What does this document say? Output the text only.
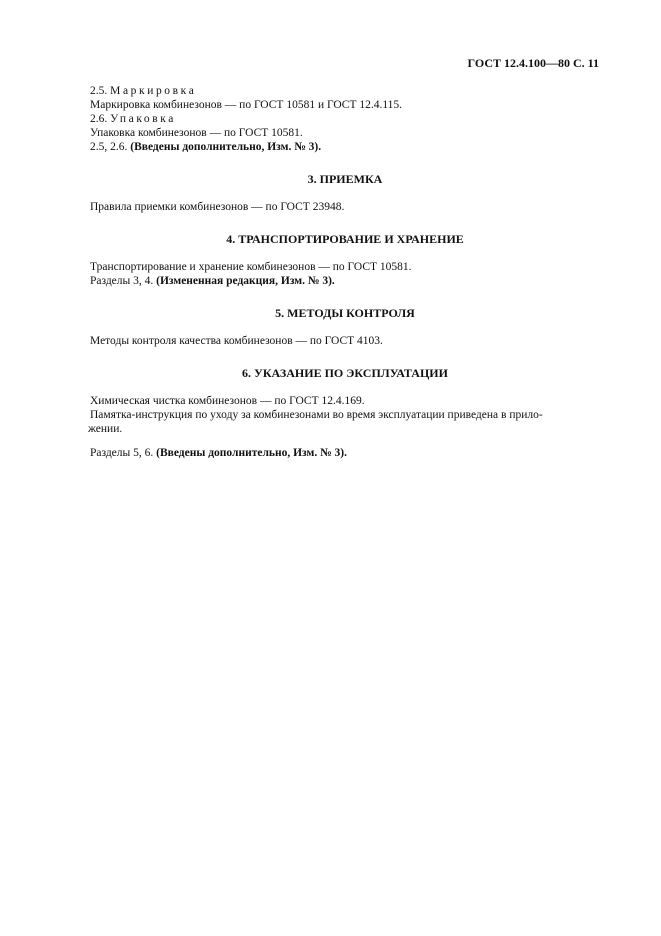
ГОСТ 12.4.100—80 С. 11

2.5. Маркировка

Маркировка комбинезонов — по ГОСТ 10581 и ГОСТ 12.4.115.

2.6. Упаковка

Упаковка комбинезонов — по ГОСТ 10581.

2.5, 2.6. (Введены дополнительно, Изм. № 3).

3. ПРИЕМКА

Правила приемки комбинезонов — по ГОСТ 23948.

4. ТРАНСПОРТИРОВАНИЕ И ХРАНЕНИЕ

Транспортирование и хранение комбинезонов — по ГОСТ 10581.

Разделы 3, 4. (Измененная редакция, Изм. № 3).

5. МЕТОДЫ КОНТРОЛЯ

Методы контроля качества комбинезонов — по ГОСТ 4103.

6. УКАЗАНИЕ ПО ЭКСПЛУАТАЦИИ

Химическая чистка комбинезонов — по ГОСТ 12.4.169.

Памятка-инструкция по уходу за комбинезонами во время эксплуатации приведена в прило-

жении.

Разделы 5, 6. (Введены дополнительно, Изм. № 3).
